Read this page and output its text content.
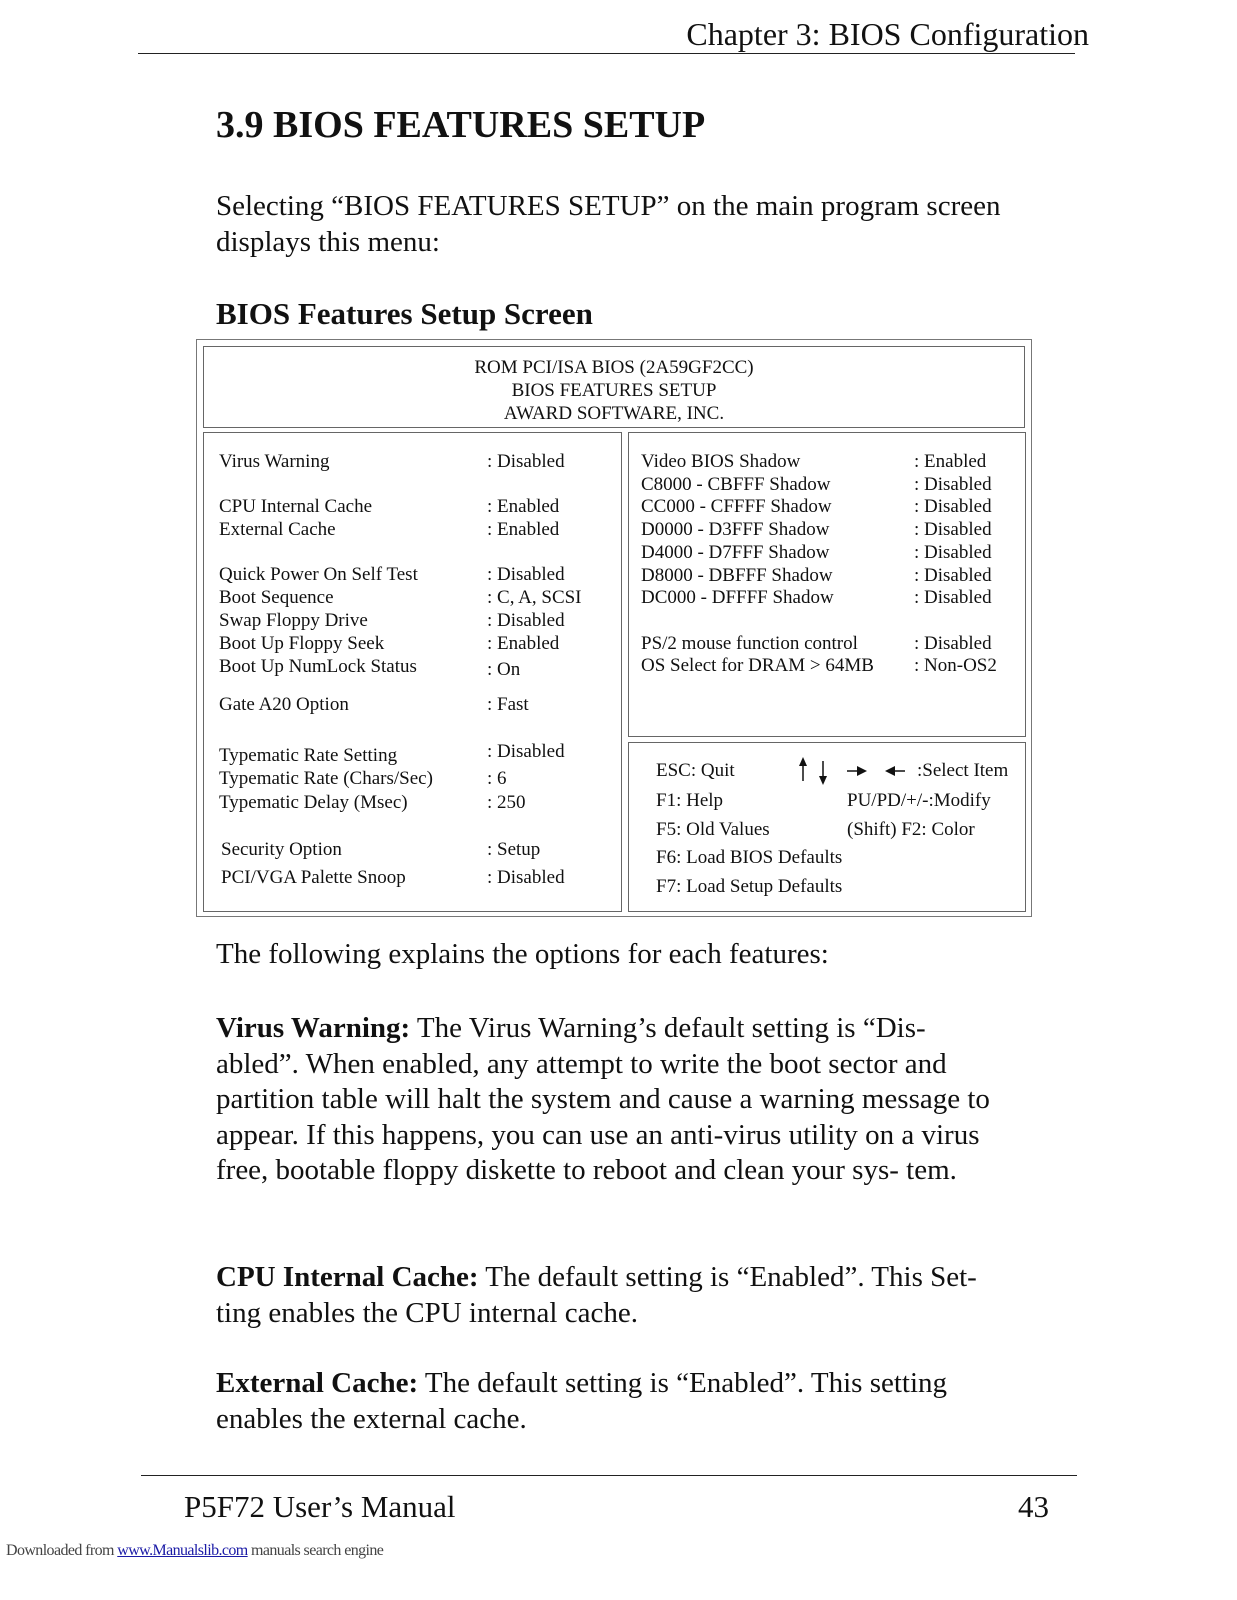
Chapter 3: BIOS Configuration
3.9 BIOS FEATURES SETUP

Selecting “BIOS FEATURES SETUP” on the main program screen displays this menu:

BIOS Features Setup Screen
ROM PCI/ISA BIOS (2A59GF2CC)
BIOS FEATURES SETUP
AWARD SOFTWARE, INC.
Virus Warning	: Disabled
CPU Internal Cache	: Enabled
External Cache	: Enabled
Quick Power On Self Test	: Disabled
Boot Sequence	: C, A, SCSI
Swap Floppy Drive	: Disabled
Boot Up Floppy Seek	: Enabled
Boot Up NumLock Status	: On
Gate A20 Option	: Fast
Typematic Rate Setting	: Disabled
Typematic Rate (Chars/Sec)	: 6
Typematic Delay (Msec)	: 250
Security Option	: Setup
PCI/VGA Palette Snoop	: Disabled
Video BIOS Shadow	: Enabled
C8000 - CBFFF Shadow	: Disabled
CC000 - CFFFF Shadow	: Disabled
D0000 - D3FFF Shadow	: Disabled
D4000 - D7FFF Shadow	: Disabled
D8000 - DBFFF Shadow	: Disabled
DC000 - DFFFF Shadow	: Disabled
PS/2 mouse function control	: Disabled
OS Select for DRAM > 64MB : Non-OS2
ESC: Quit	:Select Item
F1: Help	PU/PD/+/-:Modify
F5: Old Values	(Shift) F2: Color
F6: Load BIOS Defaults
F7: Load Setup Defaults

The following explains the options for each features:

Virus Warning: The Virus Warning’s default setting is “Dis- abled”. When enabled, any attempt to write the boot sector and partition table will halt the system and cause a warning message to appear. If this happens, you can use an anti-virus utility on a virus free, bootable floppy diskette to reboot and clean your sys- tem.

CPU Internal Cache: The default setting is “Enabled”. This Set- ting enables the CPU internal cache.

External Cache: The default setting is “Enabled”. This setting enables the external cache.

P5F72 User’s Manual	43
Downloaded from www.Manualslib.com manuals search engine
